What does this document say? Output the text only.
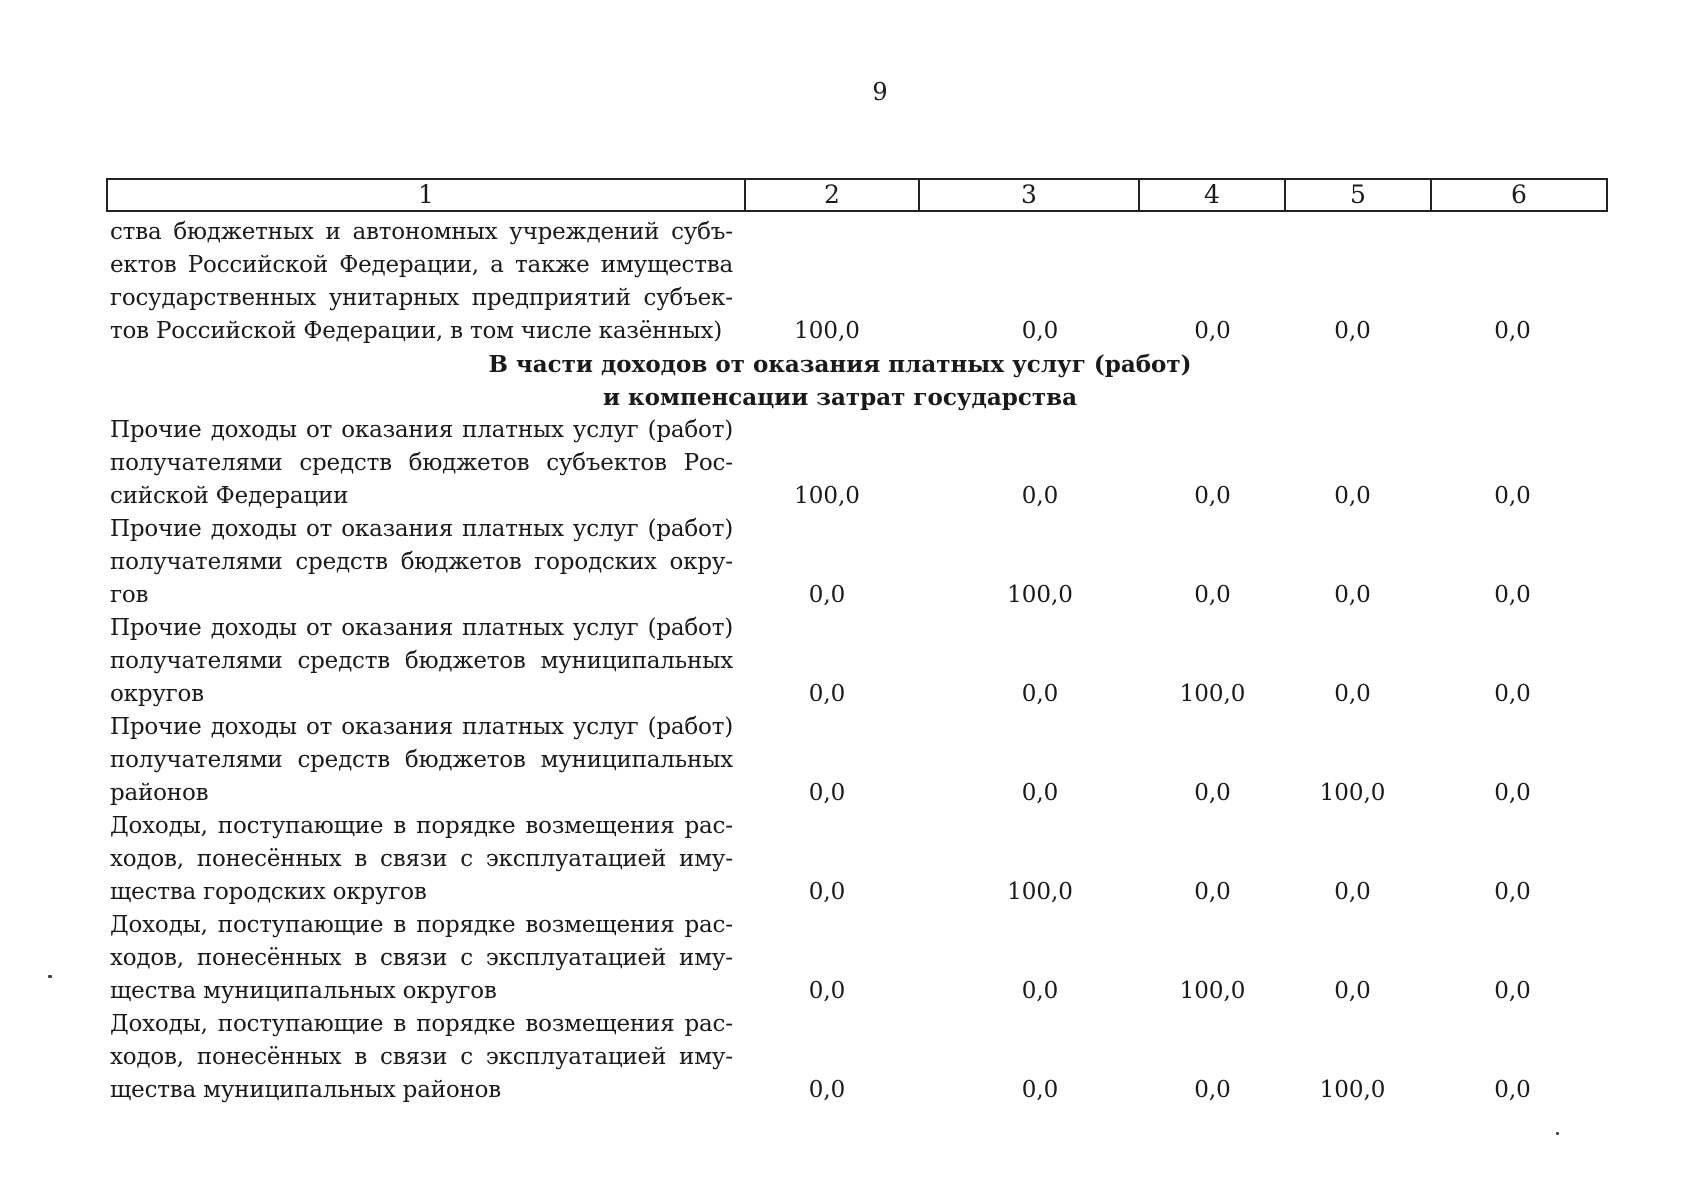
9
1	2	3	4	5	6
ства бюджетных и автономных учреждений субъектов Российской Федерации, а также имущества государственных унитарных предприятий субъектов Российской Федерации, в том числе казённых)	100,0	0,0	0,0	0,0	0,0
В части доходов от оказания платных услуг (работ)
и компенсации затрат государства
Прочие доходы от оказания платных услуг (работ) получателями средств бюджетов субъектов Российской Федерации	100,0	0,0	0,0	0,0	0,0
Прочие доходы от оказания платных услуг (работ) получателями средств бюджетов городских округов	0,0	100,0	0,0	0,0	0,0
Прочие доходы от оказания платных услуг (работ) получателями средств бюджетов муниципальных округов	0,0	0,0	100,0	0,0	0,0
Прочие доходы от оказания платных услуг (работ) получателями средств бюджетов муниципальных районов	0,0	0,0	0,0	100,0	0,0
Доходы, поступающие в порядке возмещения расходов, понесённых в связи с эксплуатацией имущества городских округов	0,0	100,0	0,0	0,0	0,0
Доходы, поступающие в порядке возмещения расходов, понесённых в связи с эксплуатацией имущества муниципальных округов	0,0	0,0	100,0	0,0	0,0
Доходы, поступающие в порядке возмещения расходов, понесённых в связи с эксплуатацией имущества муниципальных районов	0,0	0,0	0,0	100,0	0,0
